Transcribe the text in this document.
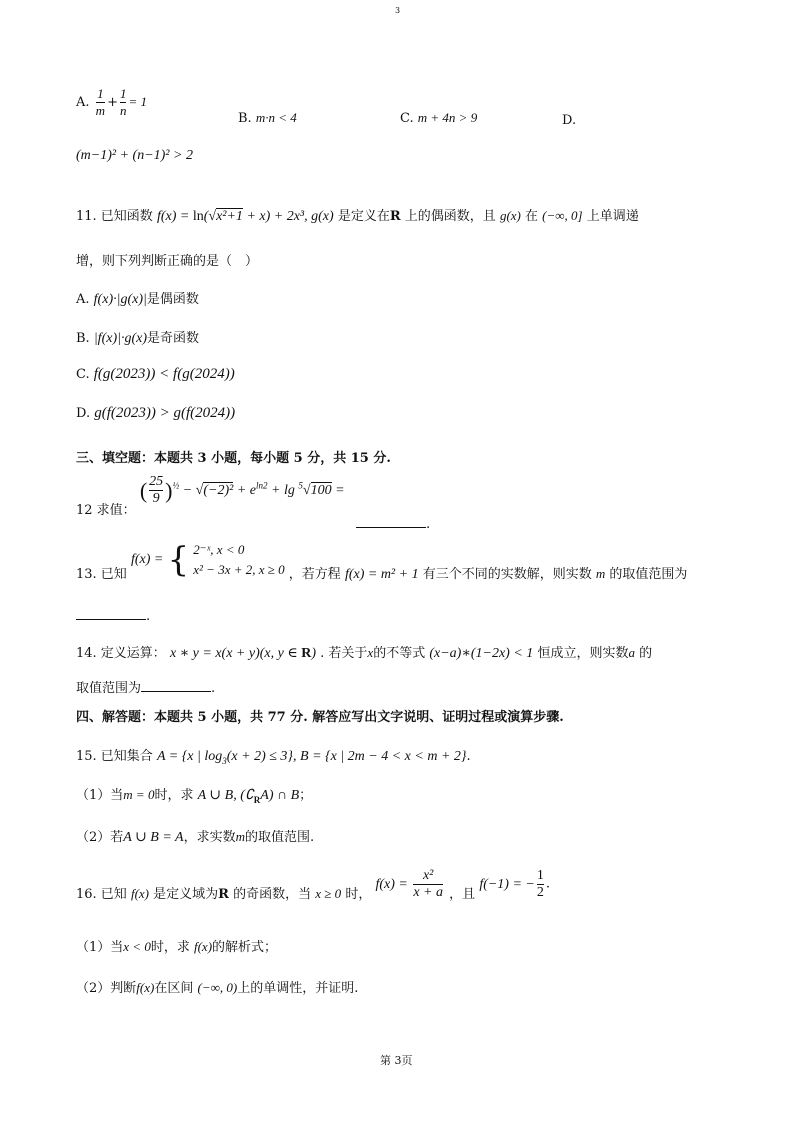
3
A. $\frac{1}{m} + \frac{1}{n} = 1$
B. m·n < 4	C. m + 4n > 9	D.
(m−1)² + (n−1)² > 2
11. 已知函数 f(x) = ln(√x²+1 + x) + 2x³, g(x) 是定义在R 上的偶函数，且 g(x) 在 (−∞, 0] 上单调递
增，则下列判断正确的是（　）
A. f(x)·|g(x)|是偶函数
B. |f(x)|·g(x)是奇函数
C. f(g(2023)) < f(g(2024))
D. g(f(2023)) > g(f(2024))
三、填空题：本题共 3 小题，每小题 5 分，共 15 分.
12 求值： ( $\frac{25}{9} )^{\frac{1}{2}} - √(-2)^2 + e^{ln2} + \lg ^5√100$ =
.
13. 已知 f(x) = { 2⁻ˣ, x < 0
x² − 3x + 2, x ≥ 0 ，若方程 f(x) = m² + 1 有三个不同的实数解，则实数 m 的取值范围为
.
14. 定义运算： x ∗ y = x(x + y)(x, y ∈ R) . 若关于x的不等式 (x−a)∗(1−2x) < 1 恒成立，则实数a 的
取值范围为	.
四、解答题：本题共 5 小题，共 77 分. 解答应写出文字说明、证明过程或演算步骤.
15. 已知集合 A = {x | $\log_3(x + 2) \le 3$}, B = {x | 2m − 4 < x < m + 2}.
（1）当m = 0时，求 A ∪ B, $(∁_RA)$ ∩ B；
（2）若A ∪ B = A，求实数m的取值范围.
16. 已知 f(x) 是定义域为R 的奇函数，当 x ≥ 0 时， $f(x) = \frac{\text{x²}}{x + a}$ ，且 f(−1) = − $\frac{1}{2}$ .
（1）当x < 0时，求 f(x)的解析式；
（2）判断f(x)在区间 (−∞, 0)上的单调性，并证明.
第 3页
